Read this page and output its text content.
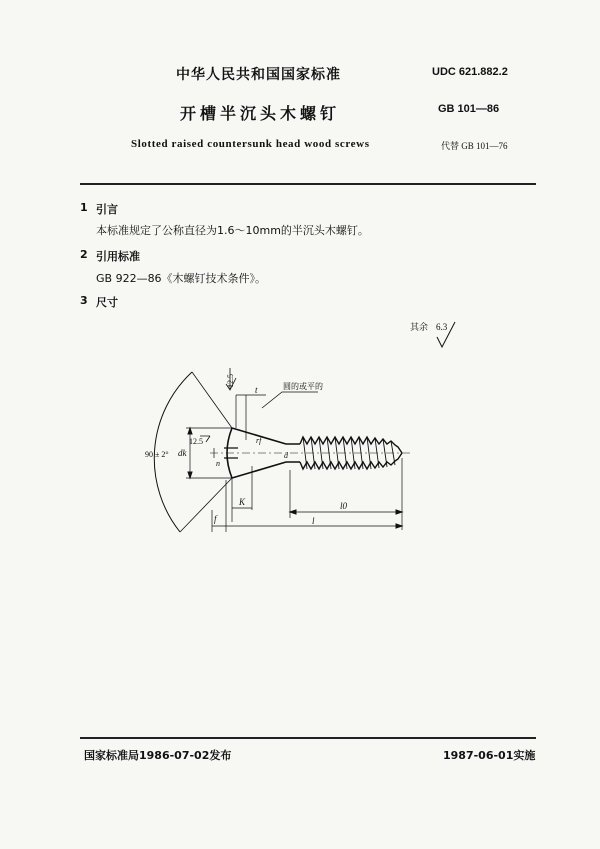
中华人民共和国国家标准	UDC 621.882.2
开槽半沉头木螺钉	GB 101—86
Slotted raised countersunk head wood screws	代替 GB 101—76
1 引言
本标准规定了公称直径为1.6～10mm的半沉头木螺钉。
2 引用标准
GB 922—86《木螺钉技术条件》。
3 尺寸
其余 6.3
90 ± 2°
圆的或平的
12.5
12.5
t
n
dk
rf
d
K
f	l
l0
国家标准局1986-07-02发布	1987-06-01实施
